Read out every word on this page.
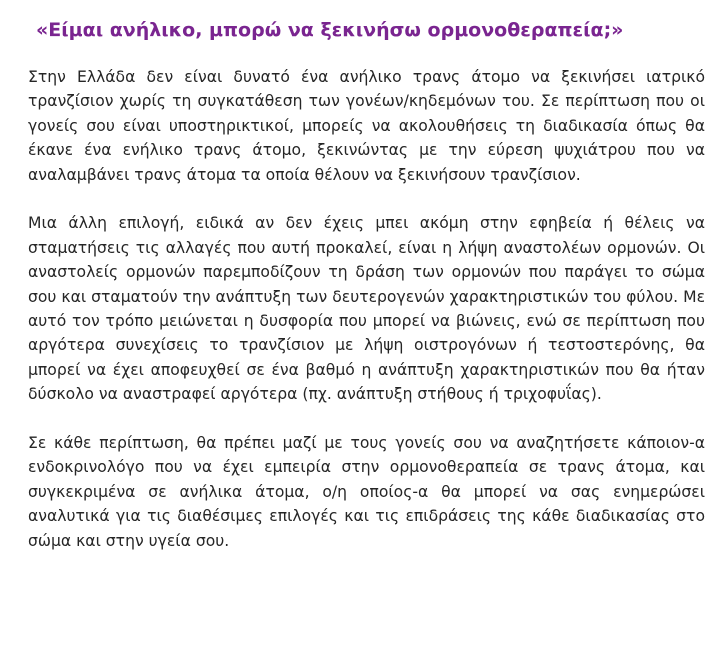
«Είμαι ανήλικο, μπορώ να ξεκινήσω ορμονοθεραπεία;»

Στην Ελλάδα δεν είναι δυνατό ένα ανήλικο τρανς άτομο να ξεκινήσει ιατρικό τρανζίσιον χωρίς τη συγκατάθεση των γονέων/κηδεμόνων του. Σε περίπτωση που οι γονείς σου είναι υποστηρικτικοί, μπορείς να ακολουθήσεις τη διαδικασία όπως θα έκανε ένα ενήλικο τρανς άτομο, ξεκινώντας με την εύρεση ψυχιάτρου που να αναλαμβάνει τρανς άτομα τα οποία θέλουν να ξεκινήσουν τρανζίσιον.

Μια άλλη επιλογή, ειδικά αν δεν έχεις μπει ακόμη στην εφηβεία ή θέλεις να σταματήσεις τις αλλαγές που αυτή προκαλεί, είναι η λήψη αναστολέων ορμονών. Οι αναστολείς ορμονών παρεμποδίζουν τη δράση των ορμονών που παράγει το σώμα σου και σταματούν την ανάπτυξη των δευτερογενών χαρακτηριστικών του φύλου. Με αυτό τον τρόπο μειώνεται η δυσφορία που μπορεί να βιώνεις, ενώ σε περίπτωση που αργότερα συνεχίσεις το τρανζίσιον με λήψη οιστρογόνων ή τεστοστερόνης, θα μπορεί να έχει αποφευχθεί σε ένα βαθμό η ανάπτυξη χαρακτηριστικών που θα ήταν δύσκολο να αναστραφεί αργότερα (πχ. ανάπτυξη στήθους ή τριχοφυΐας).

Σε κάθε περίπτωση, θα πρέπει μαζί με τους γονείς σου να αναζητήσετε κάποιον-α ενδοκρινολόγο που να έχει εμπειρία στην ορμονοθεραπεία σε τρανς άτομα, και συγκεκριμένα σε ανήλικα άτομα, ο/η οποίος-α θα μπορεί να σας ενημερώσει αναλυτικά για τις διαθέσιμες επιλογές και τις επιδράσεις της κάθε διαδικασίας στο σώμα και στην υγεία σου.
